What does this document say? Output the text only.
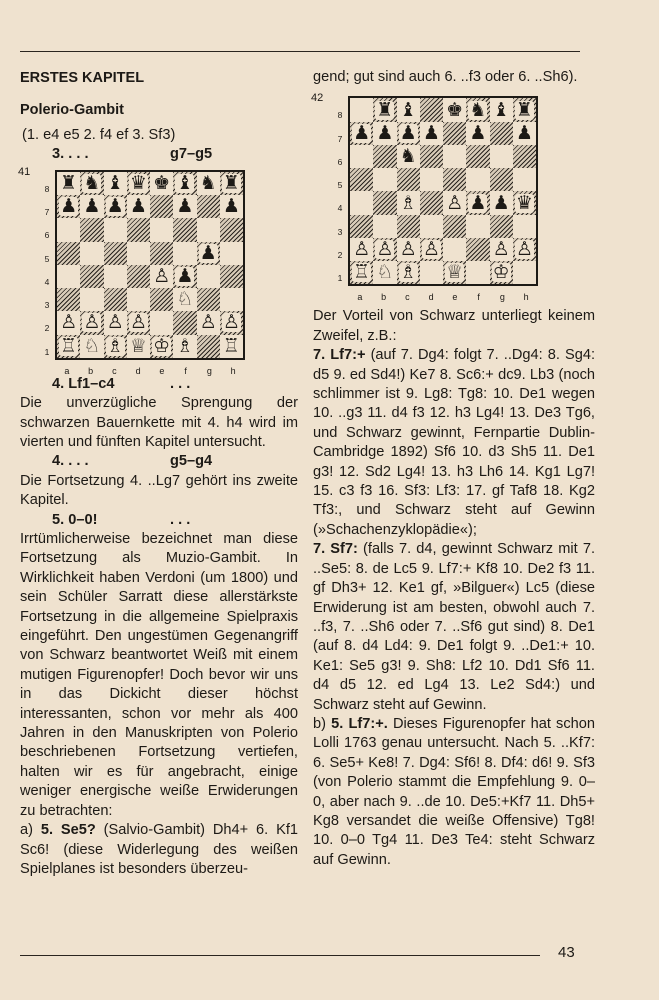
ERSTES KAPITEL
Polerio-Gambit
(1. e4 e5 2. f4 ef 3. Sf3)
3. . . .	g7–g5
41
8
7
6
5
4
3
2
1
♜ ♞ ♝ ♛ ♚ ♝ ♞ ♜
♟ ♟ ♟ ♟ ♟ ♟
♟
♙ ♟
♘
♙ ♙ ♙ ♙	♙ ♙
♖ ♘ ♗ ♕ ♔ ♗ ♖
a	b	c	d	e	f	g	h
4. Lf1–c4	. . .
Die unverzügliche Sprengung der schwarzen Bauernkette mit 4. h4 wird im vierten und fünften Kapitel untersucht.
4. . . .	g5–g4
Die Fortsetzung 4. ..Lg7 gehört ins zweite Kapitel.
5. 0–0!	. . .
Irrtümlicherweise bezeichnet man diese Fortsetzung als Muzio-Gambit. In Wirklichkeit haben Verdoni (um 1800) und sein Schüler Sarratt diese allerstärkste Fortsetzung in die allgemeine Spielpraxis eingeführt. Den ungestümen Gegenangriff von Schwarz beantwortet Weiß mit einem mutigen Figurenopfer! Doch bevor wir uns in das Dickicht dieser höchst interessanten, schon vor mehr als 400 Jahren in den Manuskripten von Polerio beschriebenen Fortsetzung vertiefen, halten wir es für angebracht, einige weniger energische weiße Erwiderungen zu betrachten:
a) 5. Se5? (Salvio-Gambit) Dh4+ 6. Kf1 Sc6! (diese Widerlegung des weißen Spielplanes ist besonders überzeu-
gend; gut sind auch 6. ..f3 oder 6. ..Sh6).
42
8
7
6
5
4
3
2
1
♜ ♝ ♚ ♞ ♝ ♜
♟ ♟ ♟ ♟ ♟ ♟
♞
♗ ♙ ♟ ♟ ♛
♙ ♙ ♙ ♙	♙ ♙
♖ ♘ ♗ ♕ ♔
a	b	c	d	e	f	g	h
Der Vorteil von Schwarz unterliegt keinem Zweifel, z.B.:
7. Lf7:+ (auf 7. Dg4: folgt 7. ..Dg4: 8. Sg4: d5 9. ed Sd4!) Ke7 8. Sc6:+ dc9. Lb3 (noch schlimmer ist 9. Lg8: Tg8: 10. De1 wegen 10. ..g3 11. d4 f3 12. h3 Lg4! 13. De3 Tg6, und Schwarz gewinnt, Fernpartie Dublin-Cambridge 1892) Sf6 10. d3 Sh5 11. De1 g3! 12. Sd2 Lg4! 13. h3 Lh6 14. Kg1 Lg7! 15. c3 f3 16. Sf3: Lf3: 17. gf Taf8 18. Kg2 Tf3:, und Schwarz steht auf Gewinn (»Schachenzyklopädie«);
7. Sf7: (falls 7. d4, gewinnt Schwarz mit 7. ..Se5: 8. de Lc5 9. Lf7:+ Kf8 10. De2 f3 11. gf Dh3+ 12. Ke1 gf, »Bilguer«) Lc5 (diese Erwiderung ist am besten, obwohl auch 7. ..f3, 7. ..Sh6 oder 7. ..Sf6 gut sind) 8. De1 (auf 8. d4 Ld4: 9. De1 folgt 9. ..De1:+ 10. Ke1: Se5 g3! 9. Sh8: Lf2 10. Dd1 Sf6 11. d4 d5 12. ed Lg4 13. Le2 Sd4:) und Schwarz steht auf Gewinn.
b) 5. Lf7:+. Dieses Figurenopfer hat schon Lolli 1763 genau untersucht. Nach 5. ..Kf7: 6. Se5+ Ke8! 7. Dg4: Sf6! 8. Df4: d6! 9. Sf3 (von Polerio stammt die Empfehlung 9. 0–0, aber nach 9. ..de 10. De5:+Kf7 11. Dh5+ Kg8 versandet die weiße Offensive) Tg8! 10. 0–0 Tg4 11. De3 Te4: steht Schwarz auf Gewinn.
43
